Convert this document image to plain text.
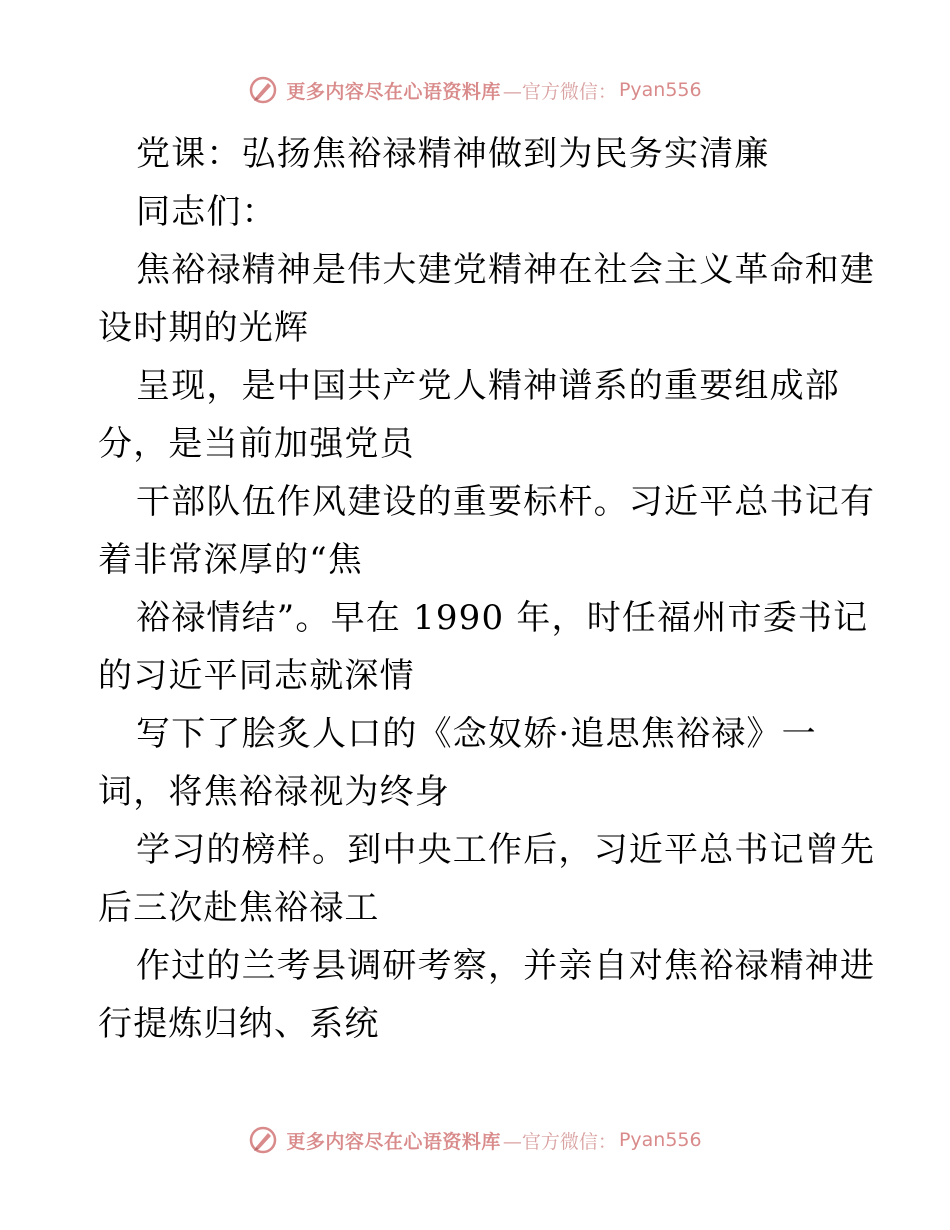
更多内容尽在心语资料库 —官方微信： Pyan556
党课：弘扬焦裕禄精神做到为民务实清廉
同志们：
焦裕禄精神是伟大建党精神在社会主义革命和建
设时期的光辉
呈现，是中国共产党人精神谱系的重要组成部
分，是当前加强党员
干部队伍作风建设的重要标杆。习近平总书记有
着非常深厚的“焦
裕禄情结”。早在 1990 年，时任福州市委书记
的习近平同志就深情
写下了脍炙人口的《念奴娇·追思焦裕禄》一
词，将焦裕禄视为终身
学习的榜样。到中央工作后，习近平总书记曾先
后三次赴焦裕禄工
作过的兰考县调研考察，并亲自对焦裕禄精神进
行提炼归纳、系统
更多内容尽在心语资料库 —官方微信： Pyan556
